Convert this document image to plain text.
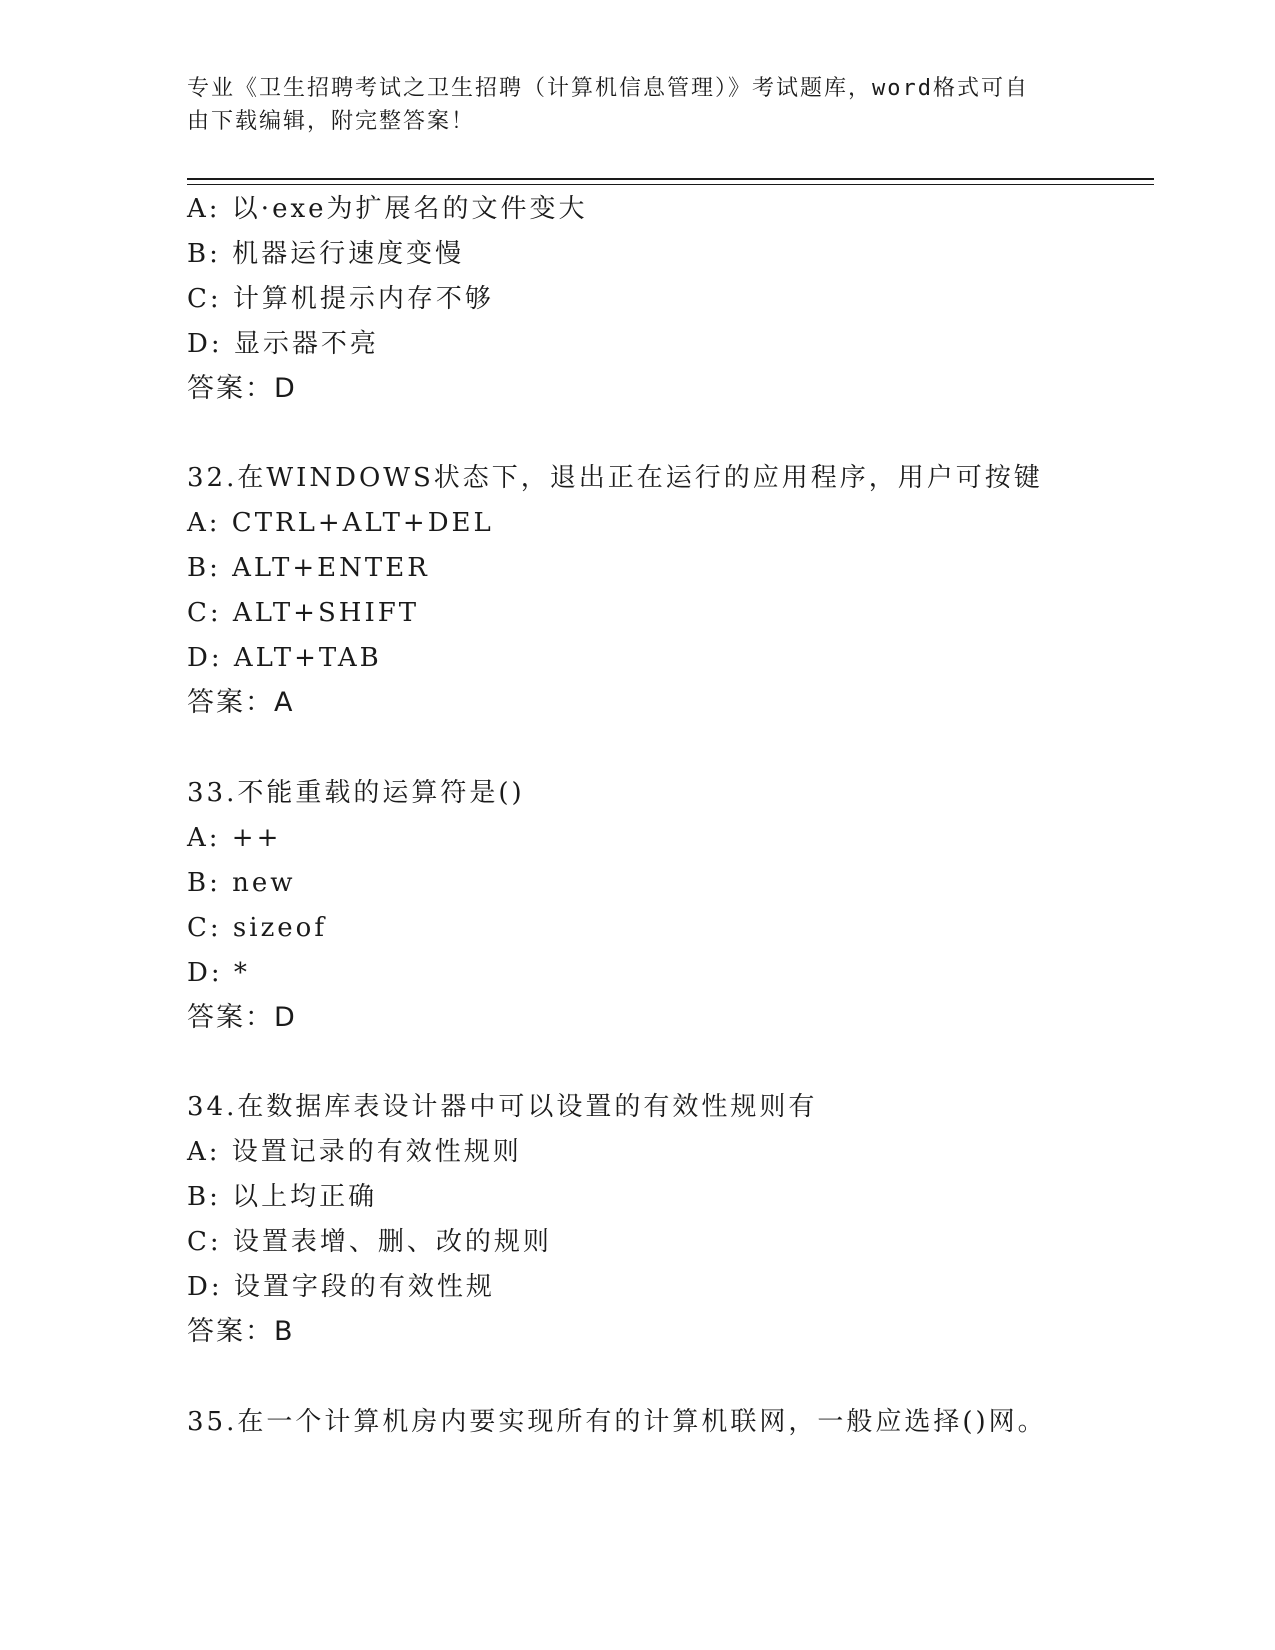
专业《卫生招聘考试之卫生招聘（计算机信息管理）》考试题库，word格式可自
由下载编辑，附完整答案！
A: 以·exe为扩展名的文件变大
B: 机器运行速度变慢
C: 计算机提示内存不够
D: 显示器不亮
答案：D
32.在WINDOWS状态下，退出正在运行的应用程序，用户可按键
A: CTRL+ALT+DEL
B: ALT+ENTER
C: ALT+SHIFT
D: ALT+TAB
答案：A
33.不能重载的运算符是()
A: ++
B: new
C: sizeof
D: *
答案：D
34.在数据库表设计器中可以设置的有效性规则有
A: 设置记录的有效性规则
B: 以上均正确
C: 设置表增、删、改的规则
D: 设置字段的有效性规
答案：B
35.在一个计算机房内要实现所有的计算机联网，一般应选择()网。
